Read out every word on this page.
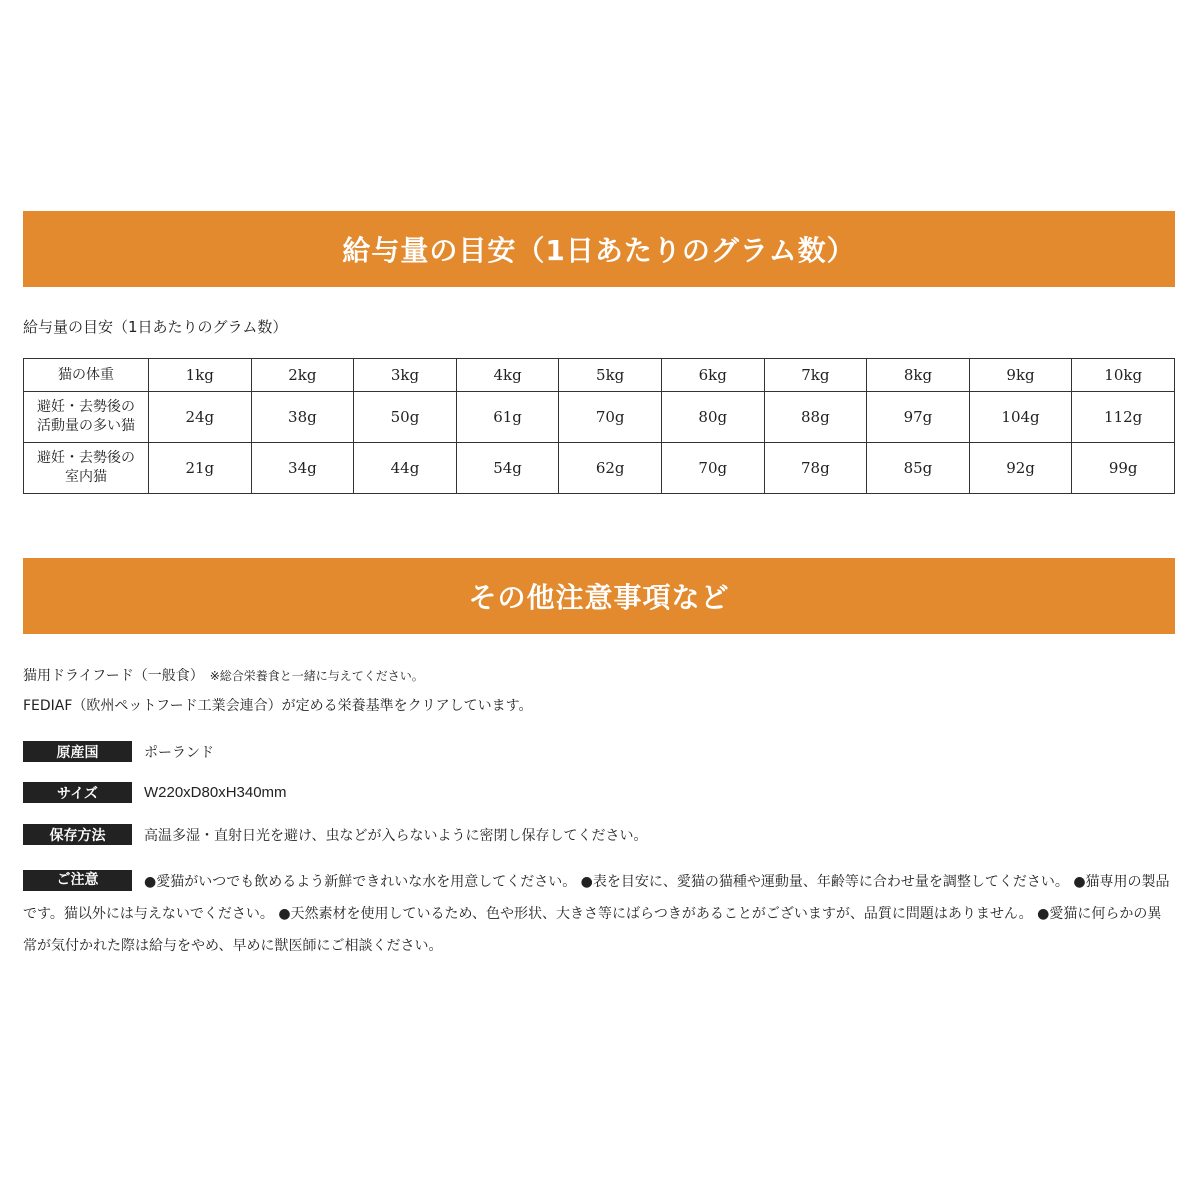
給与量の目安（1日あたりのグラム数）
給与量の目安（1日あたりのグラム数）
猫の体重	1kg	2kg	3kg	4kg	5kg	6kg	7kg	8kg	9kg	10kg
避妊・去勢後の
活動量の多い猫	24g	38g	50g	61g	70g	80g	88g	97g	104g	112g
避妊・去勢後の
室内猫	21g	34g	44g	54g	62g	70g	78g	85g	92g	99g
その他注意事項など
猫用ドライフード（一般食） ※総合栄養食と一緒に与えてください。
FEDIAF（欧州ペットフード工業会連合）が定める栄養基準をクリアしています。
原産国	ポーランド
サイズ	W220xD80xH340mm
保存方法	高温多湿・直射日光を避け、虫などが入らないように密閉し保存してください。
ご注意	●愛猫がいつでも飲めるよう新鮮できれいな水を用意してください。 ●表を目安に、愛猫の猫種や運動量、年齢等に合わせ量を調整してください。 ●猫専用の製品です。猫以外には与えないでください。 ●天然素材を使用しているため、色や形状、大きさ等にばらつきがあることがございますが、品質に問題はありません。 ●愛猫に何らかの異常が気付かれた際は給与をやめ、早めに獣医師にご相談ください。
